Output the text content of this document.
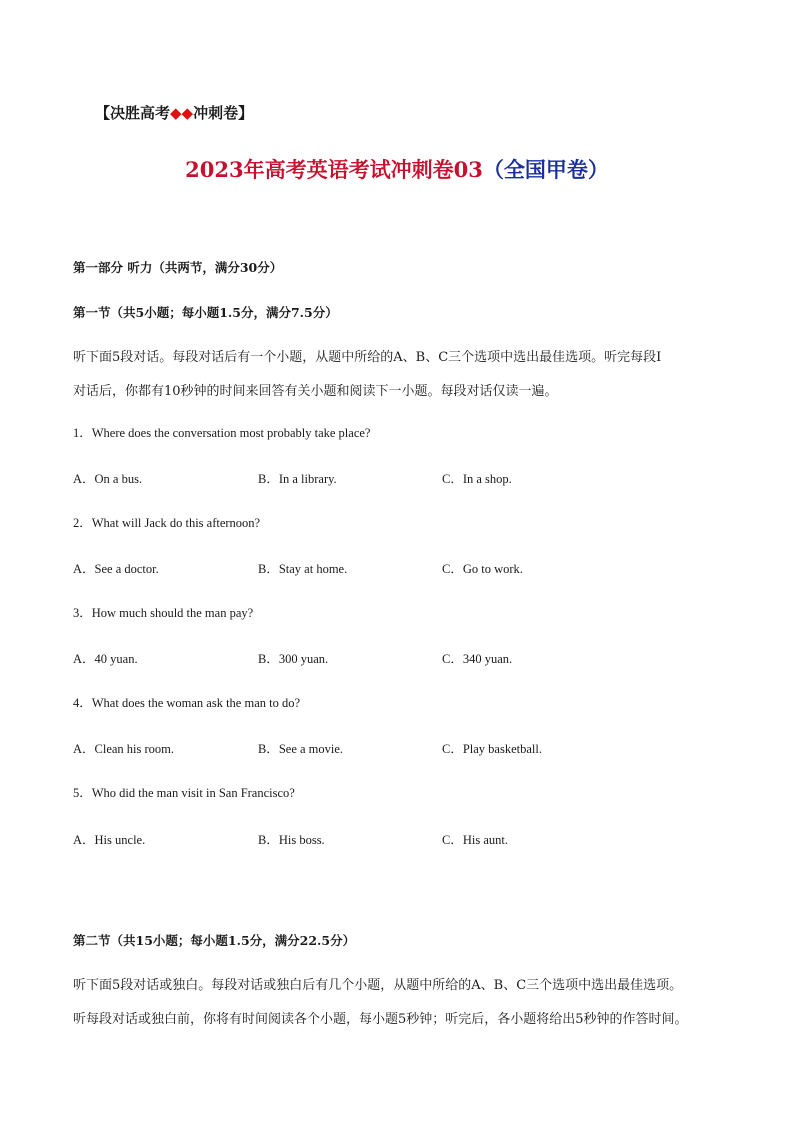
【决胜高考◆◆冲刺卷】
2023年高考英语考试冲刺卷03（全国甲卷）
第一部分 听力（共两节，满分30分）
第一节（共5小题；每小题1.5分，满分7.5分）
听下面5段对话。每段对话后有一个小题，从题中所给的A、B、C三个选项中选出最佳选项。听完每段I
对话后，你都有10秒钟的时间来回答有关小题和阅读下一小题。每段对话仅读一遍。
1．Where does the conversation most probably take place?
A．On a bus.	B．In a library.	C．In a shop.
2．What will Jack do this afternoon?
A．See a doctor.	B．Stay at home.	C．Go to work.
3．How much should the man pay?
A．40 yuan.	B．300 yuan.	C．340 yuan.
4．What does the woman ask the man to do?
A．Clean his room.	B．See a movie.	C．Play basketball.
5．Who did the man visit in San Francisco?
A．His uncle.	B．His boss.	C．His aunt.
第二节（共15小题；每小题1.5分，满分22.5分）
听下面5段对话或独白。每段对话或独白后有几个小题，从题中所给的A、B、C三个选项中选出最佳选项。
听每段对话或独白前，你将有时间阅读各个小题，每小题5秒钟；听完后，各小题将给出5秒钟的作答时间。
